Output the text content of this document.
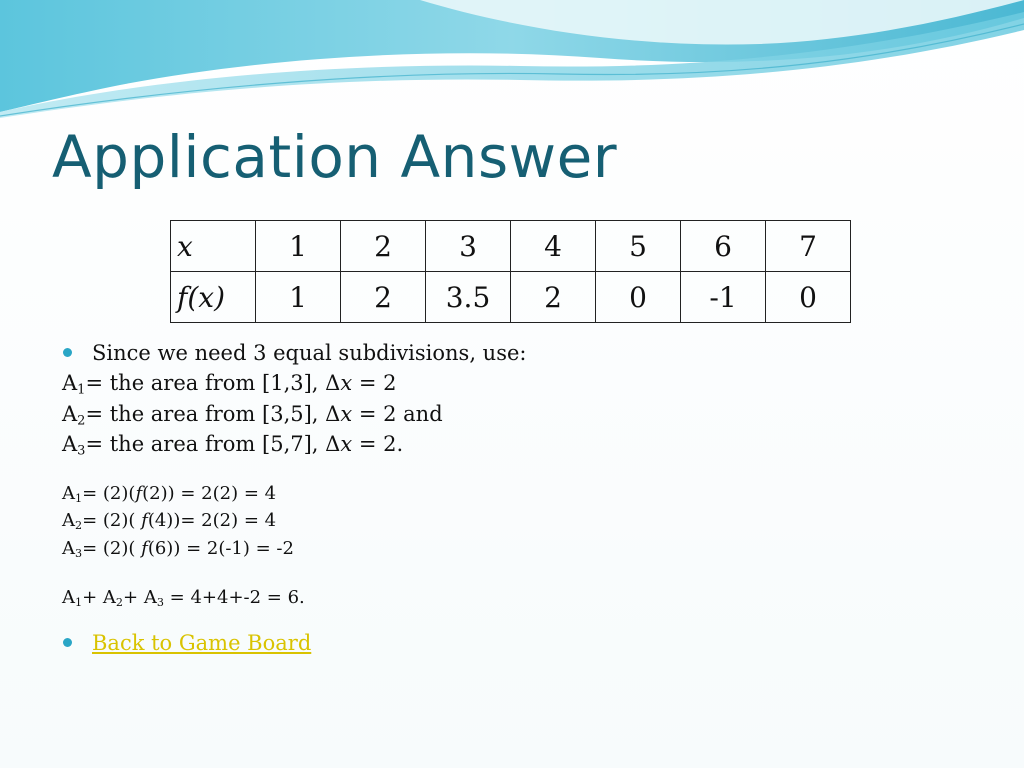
Application Answer
x	1	2	3	4	5	6	7
f(x)	1	2	3.5	2	0	-1	0
Since we need 3 equal subdivisions, use:
$A_1=$ the area from [1,3], Δx = 2
$A_2=$ the area from [3,5], Δx = 2 and
$A_3=$ the area from [5,7], Δx = 2.
$A_1= (2)(f(2)) = 2(2) = 4$
$A_2= (2)$( f(4))= 2(2) = 4
$A_3= (2)$( f(6)) = 2(-1) = -2
$A_1+ A_2+ A_3 = 4+4+-2 = 6$.
Back to Game Board
